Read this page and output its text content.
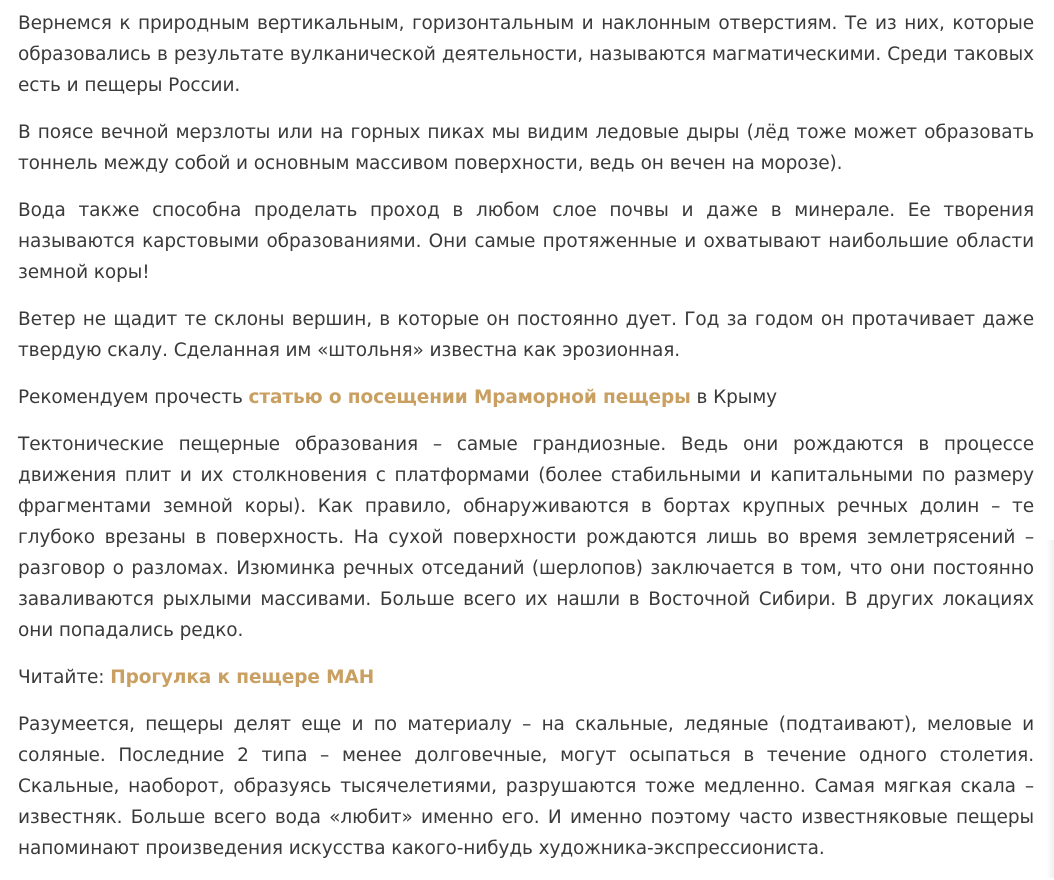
Вернемся к природным вертикальным, горизонтальным и наклонным отверстиям. Те из них, которые образовались в результате вулканической деятельности, называются магматическими. Среди таковых есть и пещеры России.

В поясе вечной мерзлоты или на горных пиках мы видим ледовые дыры (лёд тоже может образовать тоннель между собой и основным массивом поверхности, ведь он вечен на морозе).

Вода также способна проделать проход в любом слое почвы и даже в минерале. Ее творения называются карстовыми образованиями. Они самые протяженные и охватывают наибольшие области земной коры!

Ветер не щадит те склоны вершин, в которые он постоянно дует. Год за годом он протачивает даже твердую скалу. Сделанная им «штольня» известна как эрозионная.

Рекомендуем прочесть статью о посещении Мраморной пещеры в Крыму

Тектонические пещерные образования – самые грандиозные. Ведь они рождаются в процессе движения плит и их столкновения с платформами (более стабильными и капитальными по размеру фрагментами земной коры). Как правило, обнаруживаются в бортах крупных речных долин – те глубоко врезаны в поверхность. На сухой поверхности рождаются лишь во время землетрясений – разговор о разломах. Изюминка речных отседаний (шерлопов) заключается в том, что они постоянно заваливаются рыхлыми массивами. Больше всего их нашли в Восточной Сибири. В других локациях они попадались редко.

Читайте: Прогулка к пещере МАН

Разумеется, пещеры делят еще и по материалу – на скальные, ледяные (подтаивают), меловые и соляные. Последние 2 типа – менее долговечные, могут осыпаться в течение одного столетия. Скальные, наоборот, образуясь тысячелетиями, разрушаются тоже медленно. Самая мягкая скала – известняк. Больше всего вода «любит» именно его. И именно поэтому часто известняковые пещеры напоминают произведения искусства какого-нибудь художника-экспрессиониста.
